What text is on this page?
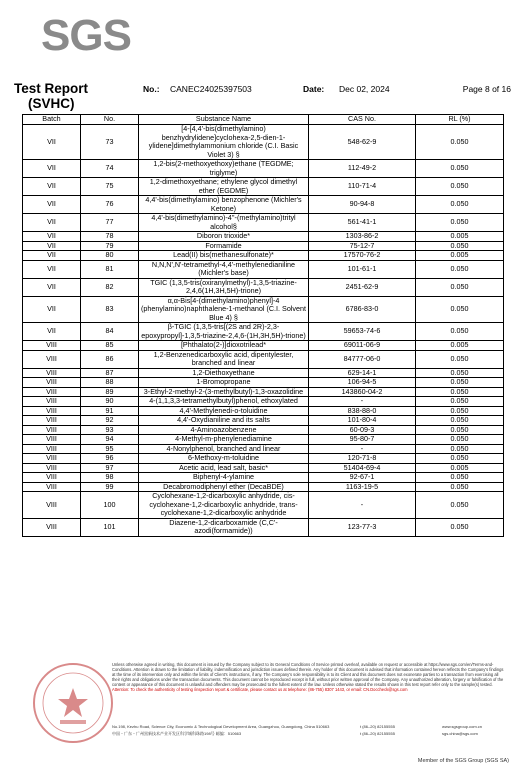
SGS
Test Report
(SVHC)
No.: CANEC24025397503	Date: Dec 02, 2024	Page 8 of 16
Batch	No.	Substance Name	CAS No.	RL (%)
VII	73	[4-[4,4'-bis(dimethylamino) benzhydrylidene]cyclohexa-2,5-dien-1-ylidene]dimethylammonium chloride (C.I. Basic Violet 3) §	548-62-9	0.050
VII	74	1,2-bis(2-methoxyethoxy)ethane (TEGDME; triglyme)	112-49-2	0.050
VII	75	1,2-dimethoxyethane; ethylene glycol dimethyl ether (EGDME)	110-71-4	0.050
VII	76	4,4'-bis(dimethylamino) benzophenone (Michler's Ketone)	90-94-8	0.050
VII	77	4,4'-bis(dimethylamino)-4''-(methylamino)trityl alcohol§	561-41-1	0.050
VII	78	Diboron trioxide*	1303-86-2	0.005
VII	79	Formamide	75-12-7	0.050
VII	80	Lead(II) bis(methanesulfonate)*	17570-76-2	0.005
VII	81	N,N,N',N'-tetramethyl-4,4'-methylenedianiline (Michler's base)	101-61-1	0.050
VII	82	TGIC (1,3,5-tris(oxiranylmethyl)-1,3,5-triazine-2,4,6(1H,3H,5H)-trione)	2451-62-9	0.050
VII	83	α,α-Bis[4-(dimethylamino)phenyl]-4 (phenylamino)naphthalene-1-methanol (C.I. Solvent Blue 4) §	6786-83-0	0.050
VII	84	β-TGIC (1,3,5-tris[(2S and 2R)-2,3-epoxypropyl]-1,3,5-triazine-2,4,6-(1H,3H,5H)-trione)	59653-74-6	0.050
VIII	85	[Phthalato(2-)]dioxotrilead*	69011-06-9	0.005
VIII	86	1,2-Benzenedicarboxylic acid, dipentylester, branched and linear	84777-06-0	0.050
VIII	87	1,2-Diethoxyethane	629-14-1	0.050
VIII	88	1-Bromopropane	106-94-5	0.050
VIII	89	3-Ethyl-2-methyl-2-(3-methylbutyl)-1,3-oxazolidine	143860-04-2	0.050
VIII	90	4-(1,1,3,3-tetramethylbutyl)phenol, ethoxylated	-	0.050
VIII	91	4,4'-Methylenedi-o-toluidine	838-88-0	0.050
VIII	92	4,4'-Oxydianiline and its salts	101-80-4	0.050
VIII	93	4-Aminoazobenzene	60-09-3	0.050
VIII	94	4-Methyl-m-phenylenediamine	95-80-7	0.050
VIII	95	4-Nonylphenol, branched and linear	-	0.050
VIII	96	6-Methoxy-m-toluidine	120-71-8	0.050
VIII	97	Acetic acid, lead salt, basic*	51404-69-4	0.005
VIII	98	Biphenyl-4-ylamine	92-67-1	0.050
VIII	99	Decabromodiphenyl ether (DecaBDE)	1163-19-5	0.050
VIII	100	Cyclohexane-1,2-dicarboxylic anhydride, cis-cyclohexane-1,2-dicarboxylic anhydride, trans-cyclohexane-1,2-dicarboxylic anhydride	-	0.050
VIII	101	Diazene-1,2-dicarboxamide (C,C'-azodi(formamide))	123-77-3	0.050
Unless otherwise agreed in writing, this document is issued by the Company subject to its General Conditions of Service printed overleaf, available on request or accessible at https://www.sgs.com/en/Terms-and-Conditions. Attention is drawn to the limitation of liability, indemnification and jurisdiction issues defined therein. Any holder of this document is advised that information contained hereon reflects the Company's findings at the time of its intervention only and within the limits of Client's instructions, if any. The Company's sole responsibility is to its Client and this document does not exonerate parties to a transaction from exercising all their rights and obligations under the transaction documents. This document cannot be reproduced except in full, without prior written approval of the Company. Any unauthorized alteration, forgery or falsification of the content or appearance of this document is unlawful and offenders may be prosecuted to the fullest extent of the law. Unless otherwise stated the results shown in this test report refer only to the sample(s) tested. Attention: To check the authenticity of testing /inspection report & certificate, please contact us at telephone: (86-755) 8307 1443, or email: CN.Doccheck@sgs.com
No.198, Kezhu Road, Science City, Economic & Technological Development Area, Guangzhou, Guangdong, China 510663
中国・广东・广州黑新技术产业开发区科学城科珠路198号 邮编：510663
t (86–20) 82155555
t (86–20) 82155555
www.sgsgroup.com.cn
sgs.china@sgs.com
Member of the SGS Group (SGS SA)
